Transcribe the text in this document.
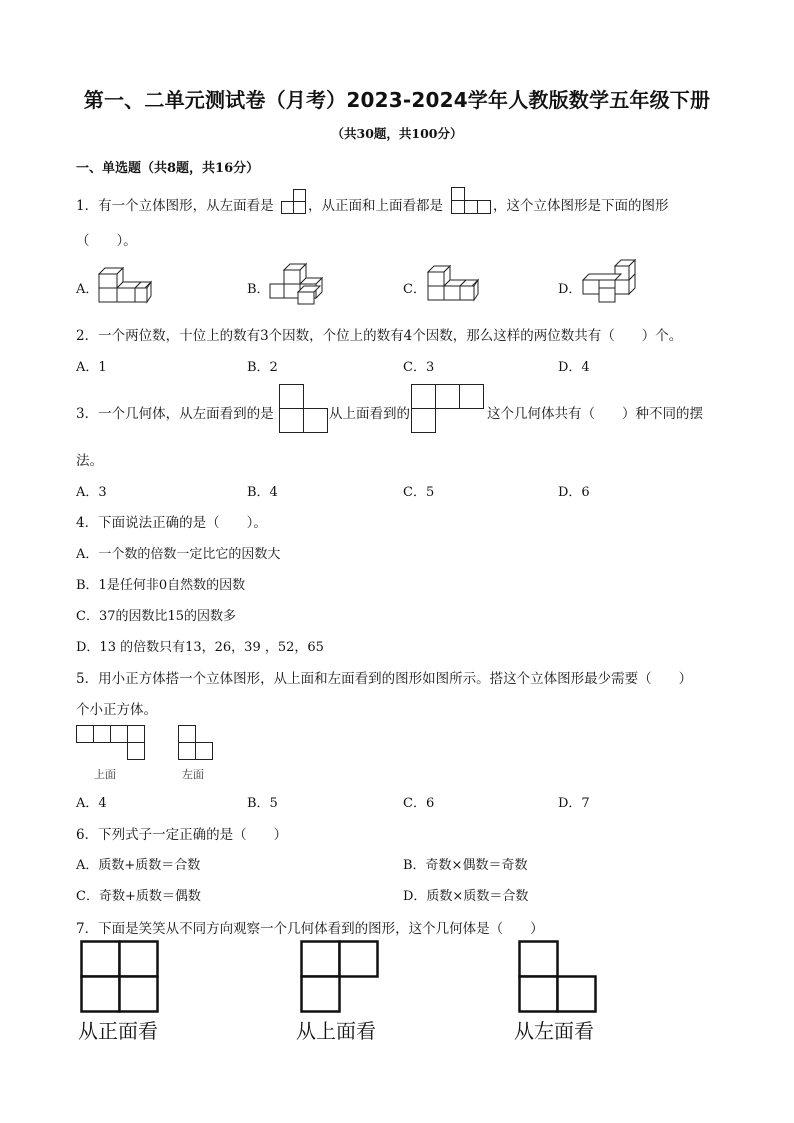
第一、二单元测试卷（月考）2023-2024学年人教版数学五年级下册
（共30题，共100分）
一、单选题（共8题，共16分）
1．有一个立体图形，从左面看是	，从正面和上面看都是	，这个立体图形是下面的图形
（　　）。
A．	B．	C．	D．
2．一个两位数，十位上的数有3个因数，个位上的数有4个因数，那么这样的两位数共有（　　）个。
A．1	B．2	C．3	D．4
3．一个几何体，从左面看到的是	从上面看到的	这个几何体共有（　　）种不同的摆
法。
A．3	B．4	C．5	D．6
4．下面说法正确的是（　　）。
A．一个数的倍数一定比它的因数大
B．1是任何非0自然数的因数
C．37的因数比15的因数多
D．13 的倍数只有13，26，39 ，52，65
5．用小正方体搭一个立体图形，从上面和左面看到的图形如图所示。搭这个立体图形最少需要（　　）
个小正方体。
上面	左面
A．4	B．5	C．6	D．7
6．下列式子一定正确的是（　　）
A．质数+质数＝合数	B．奇数×偶数＝奇数
C．奇数+质数＝偶数	D．质数×质数＝合数
7．下面是笑笑从不同方向观察一个几何体看到的图形，这个几何体是（　　）
从正面看	从上面看	从左面看
